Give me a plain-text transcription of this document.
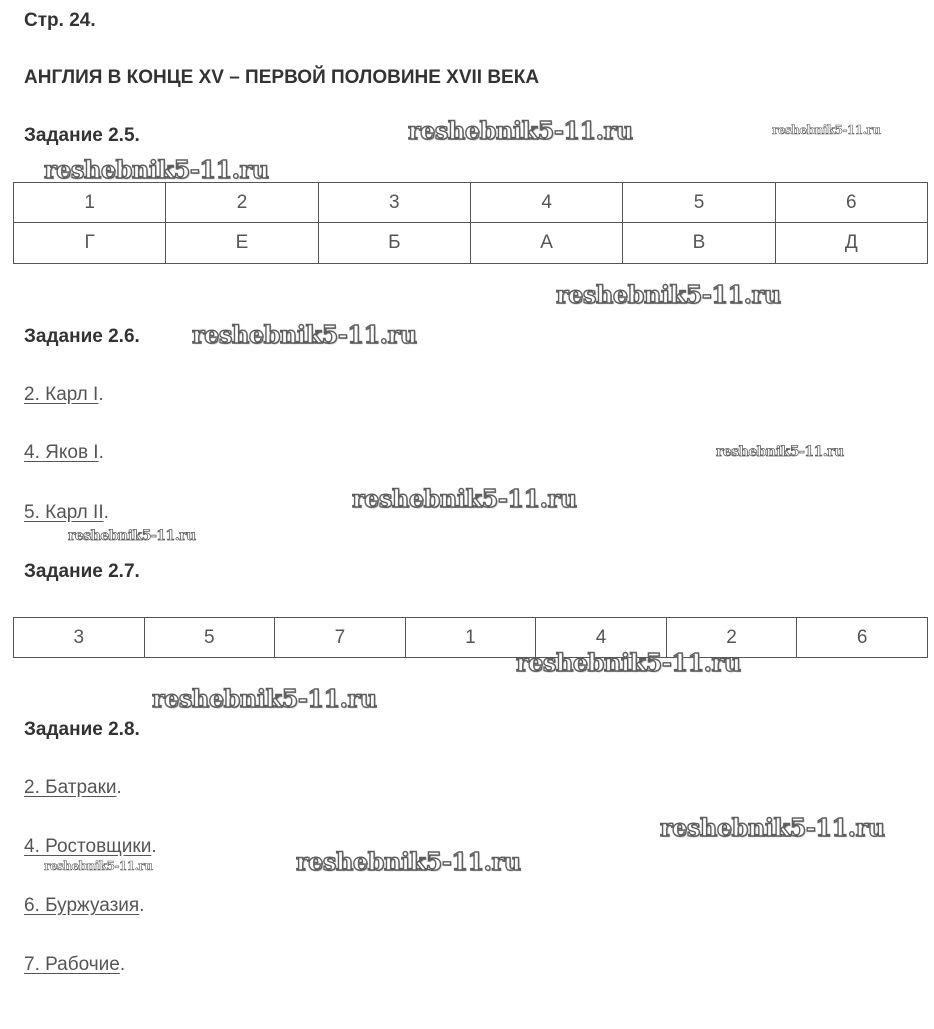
Стр. 24.
АНГЛИЯ В КОНЦЕ XV – ПЕРВОЙ ПОЛОВИНЕ XVII ВЕКА
Задание 2.5.
1	2	3	4	5	6
Г	Е	Б	А	В	Д
Задание 2.6.
2. Карл I.
4. Яков I.
5. Карл II.
Задание 2.7.
3	5	7	1	4	2	6
Задание 2.8.
2. Батраки.
4. Ростовщики.
6. Буржуазия.
7. Рабочие.
reshebnik5-11.ru	reshebnik5-11.ru
reshebnik5-11.ru
reshebnik5-11.ru
reshebnik5-11.ru
reshebnik5-11.ru
reshebnik5-11.ru
reshebnik5-11.ru
reshebnik5-11.ru
reshebnik5-11.ru
reshebnik5-11.ru
reshebnik5-11.ru
reshebnik5-11.ru
